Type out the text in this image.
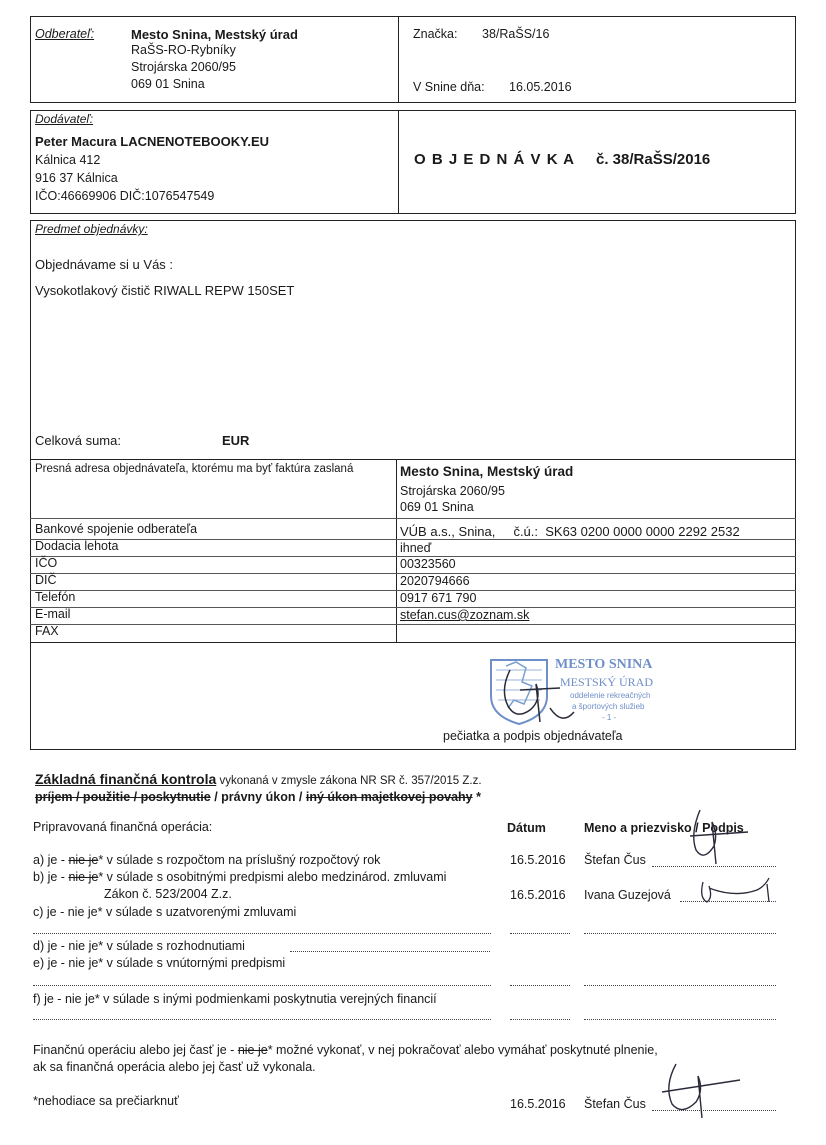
Odberateľ:	Mesto Snina, Mestský úrad
RaŠS-RO-Rybníky
Strojárska 2060/95
069 01 Snina
Značka: 38/RaŠS/16
V Snine dňa: 16.05.2016
Dodávateľ:
Peter Macura LACNENOTEBOOKY.EU
Kálnica 412
916 37 Kálnica
IČO:46669906 DIČ:1076547549
O B J E D N Á V K A č. 38/RaŠS/2016
Predmet objednávky:
Objednávame si u Vás :
Vysokotlakový čistič RIWALL REPW 150SET
Celková suma:	EUR
Presná adresa objednávateľa, ktorému ma byť faktúra zaslaná	Mesto Snina, Mestský úrad
Strojárska 2060/95
069 01 Snina
Bankové spojenie odberateľa	VÚB a.s., Snina,     č.ú.:  SK63 0200 0000 0000 2292 2532
Dodacia lehota	ihneď
IČO	00323560
DIČ	2020794666
Telefón	0917 671 790
E-mail	stefan.cus@zoznam.sk
FAX
MESTO SNINA
MESTSKÝ ÚRAD
oddelenie rekreačných
a športových služieb
- 1 -
pečiatka a podpis objednávateľa
Základná finančná kontrola vykonaná v zmysle zákona NR SR č. 357/2015 Z.z.
príjem / použitie / poskytnutie / právny úkon / iný úkon majetkovej povahy *
Pripravovaná finančná operácia:	Dátum	Meno a priezvisko / Podpis
a) je - nie je* v súlade s rozpočtom na príslušný rozpočtový rok	16.5.2016 Štefan Čus
b) je - nie je* v súlade s osobitnými predpismi alebo medzinárod. zmluvami
Zákon č. 523/2004 Z.z.	16.5.2016 Ivana Guzejová
c) je - nie je* v súlade s uzatvorenými zmluvami
d) je - nie je* v súlade s rozhodnutiami
e) je - nie je* v súlade s vnútornými predpismi
f) je - nie je* v súlade s inými podmienkami poskytnutia verejných financií
Finančnú operáciu alebo jej časť je - nie je* možné vykonať, v nej pokračovať alebo vymáhať poskytnuté plnenie,
ak sa finančná operácia alebo jej časť už vykonala.
*nehodiace sa prečiarknuť	16.5.2016 Štefan Čus
